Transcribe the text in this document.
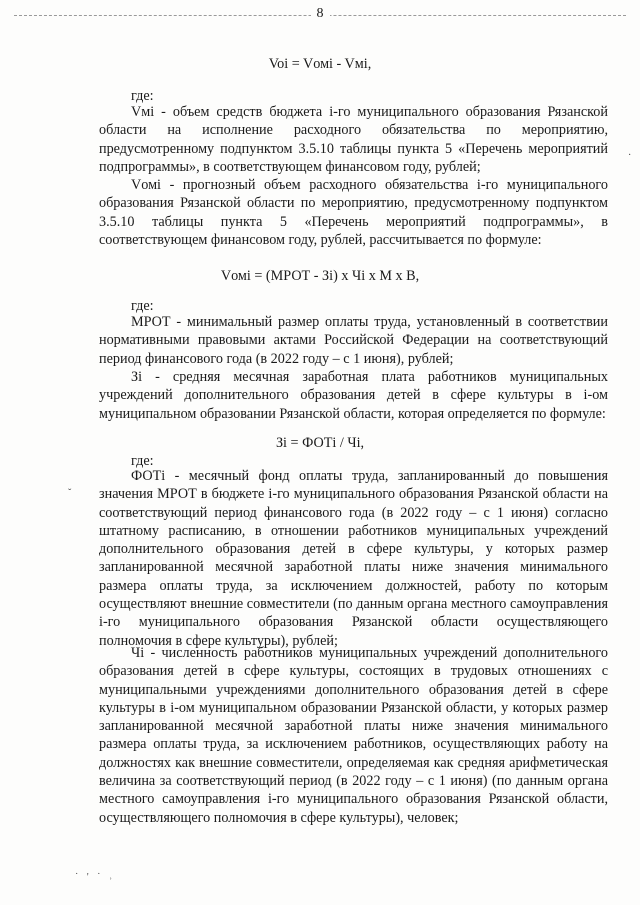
8
Voi = Vомi - Vмi,
где:
Vмi - объем средств бюджета i-го муниципального образования Рязанской области на исполнение расходного обязательства по мероприятию, предусмотренному подпунктом 3.5.10 таблицы пункта 5 «Перечень мероприятий подпрограммы», в соответствующем финансовом году, рублей;
Vомi - прогнозный объем расходного обязательства i-го муниципального образования Рязанской области по мероприятию, предусмотренному подпунктом 3.5.10 таблицы пункта 5 «Перечень мероприятий подпрограммы», в соответствующем финансовом году, рублей, рассчитывается по формуле:
Vомi = (МРОТ - Зi) х Чi х М х В,
где:
МРОТ - минимальный размер оплаты труда, установленный в соответствии нормативными правовыми актами Российской Федерации на соответствующий период финансового года (в 2022 году – с 1 июня), рублей;
Зi - средняя месячная заработная плата работников муниципальных учреждений дополнительного образования детей в сфере культуры в i-ом муниципальном образовании Рязанской области, которая определяется по формуле:
Зi = ФОТi / Чi,
где:
ФОТi - месячный фонд оплаты труда, запланированный до повышения значения МРОТ в бюджете i-го муниципального образования Рязанской области на соответствующий период финансового года (в 2022 году – с 1 июня) согласно штатному расписанию, в отношении работников муниципальных учреждений дополнительного образования детей в сфере культуры, у которых размер запланированной месячной заработной платы ниже значения минимального размера оплаты труда, за исключением должностей, работу по которым осуществляют внешние совместители (по данным органа местного самоуправления i-го муниципального образования Рязанской области осуществляющего полномочия в сфере культуры), рублей;
Чi - численность работников муниципальных учреждений дополнительного образования детей в сфере культуры, состоящих в трудовых отношениях с муниципальными учреждениями дополнительного образования детей в сфере культуры в i-ом муниципальном образовании Рязанской области, у которых размер запланированной месячной заработной платы ниже значения минимального размера оплаты труда, за исключением работников, осуществляющих работу на должностях как внешние совместители, определяемая как средняя арифметическая величина за соответствующий период (в 2022 году – с 1 июня) (по данным органа местного самоуправления i-го муниципального образования Рязанской области, осуществляющего полномочия в сфере культуры), человек;
ˇ
˙ ' ˙ ˒
·
